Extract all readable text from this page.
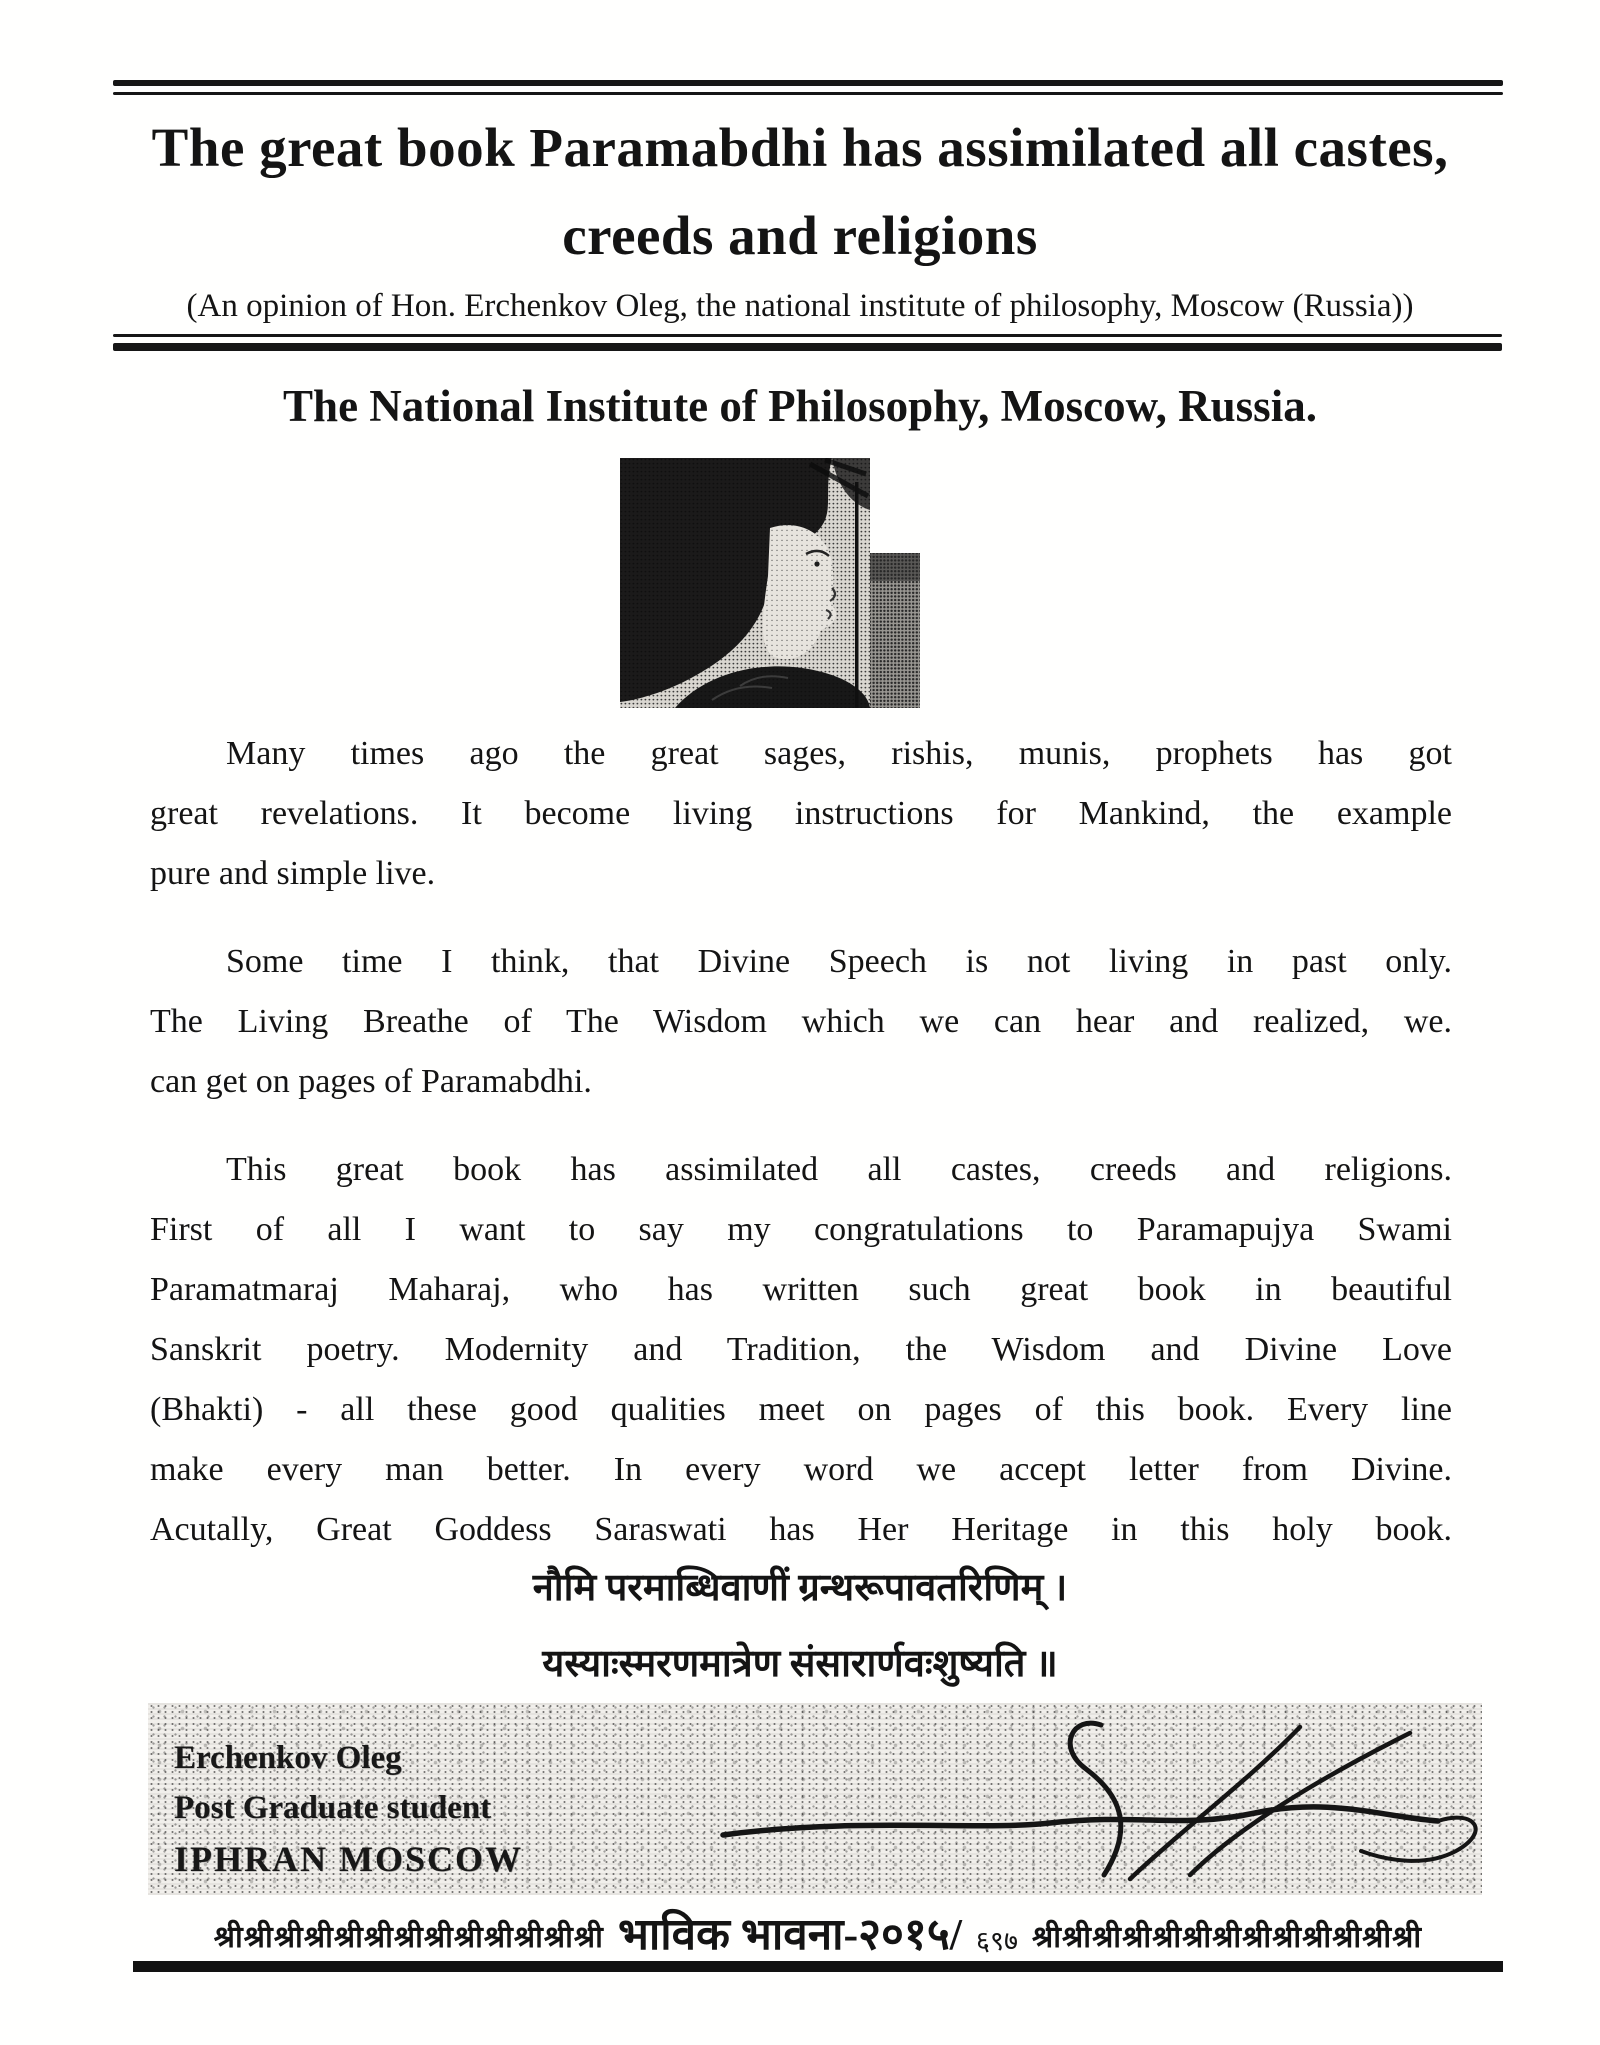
The great book Paramabdhi has assimilated all castes,
creeds and religions
(An opinion of Hon. Erchenkov Oleg, the national institute of philosophy, Moscow (Russia))
The National Institute of Philosophy, Moscow, Russia.
Many times ago the great sages, rishis, munis, prophets has got
great revelations. It become living instructions for Mankind, the example
pure and simple live.
Some time I think, that Divine Speech is not living in past only.
The Living Breathe of The Wisdom which we can hear and realized, we.
can get on pages of Paramabdhi.
This great book has assimilated all castes, creeds and religions.
First of all I want to say my congratulations to Paramapujya Swami
Paramatmaraj Maharaj, who has written such great book in beautiful
Sanskrit poetry. Modernity and Tradition, the Wisdom and Divine Love
(Bhakti) - all these good qualities meet on pages of this book. Every line
make every man better. In every word we accept letter from Divine.
Acutally, Great Goddess Saraswati has Her Heritage in this holy book.
नौमि परमाब्धिवाणीं ग्रन्थरूपावतरिणिम् ।
यस्याःस्मरणमात्रेण संसारार्णवःशुष्यति ॥
Erchenkov Oleg
Post Graduate student
IPHRAN MOSCOW
श्रीश्रीश्रीश्रीश्रीश्रीश्रीश्रीश्रीश्रीश्रीश्रीश्री भाविक भावना-२०१५/ ६९७ श्रीश्रीश्रीश्रीश्रीश्रीश्रीश्रीश्रीश्रीश्रीश्रीश्री
